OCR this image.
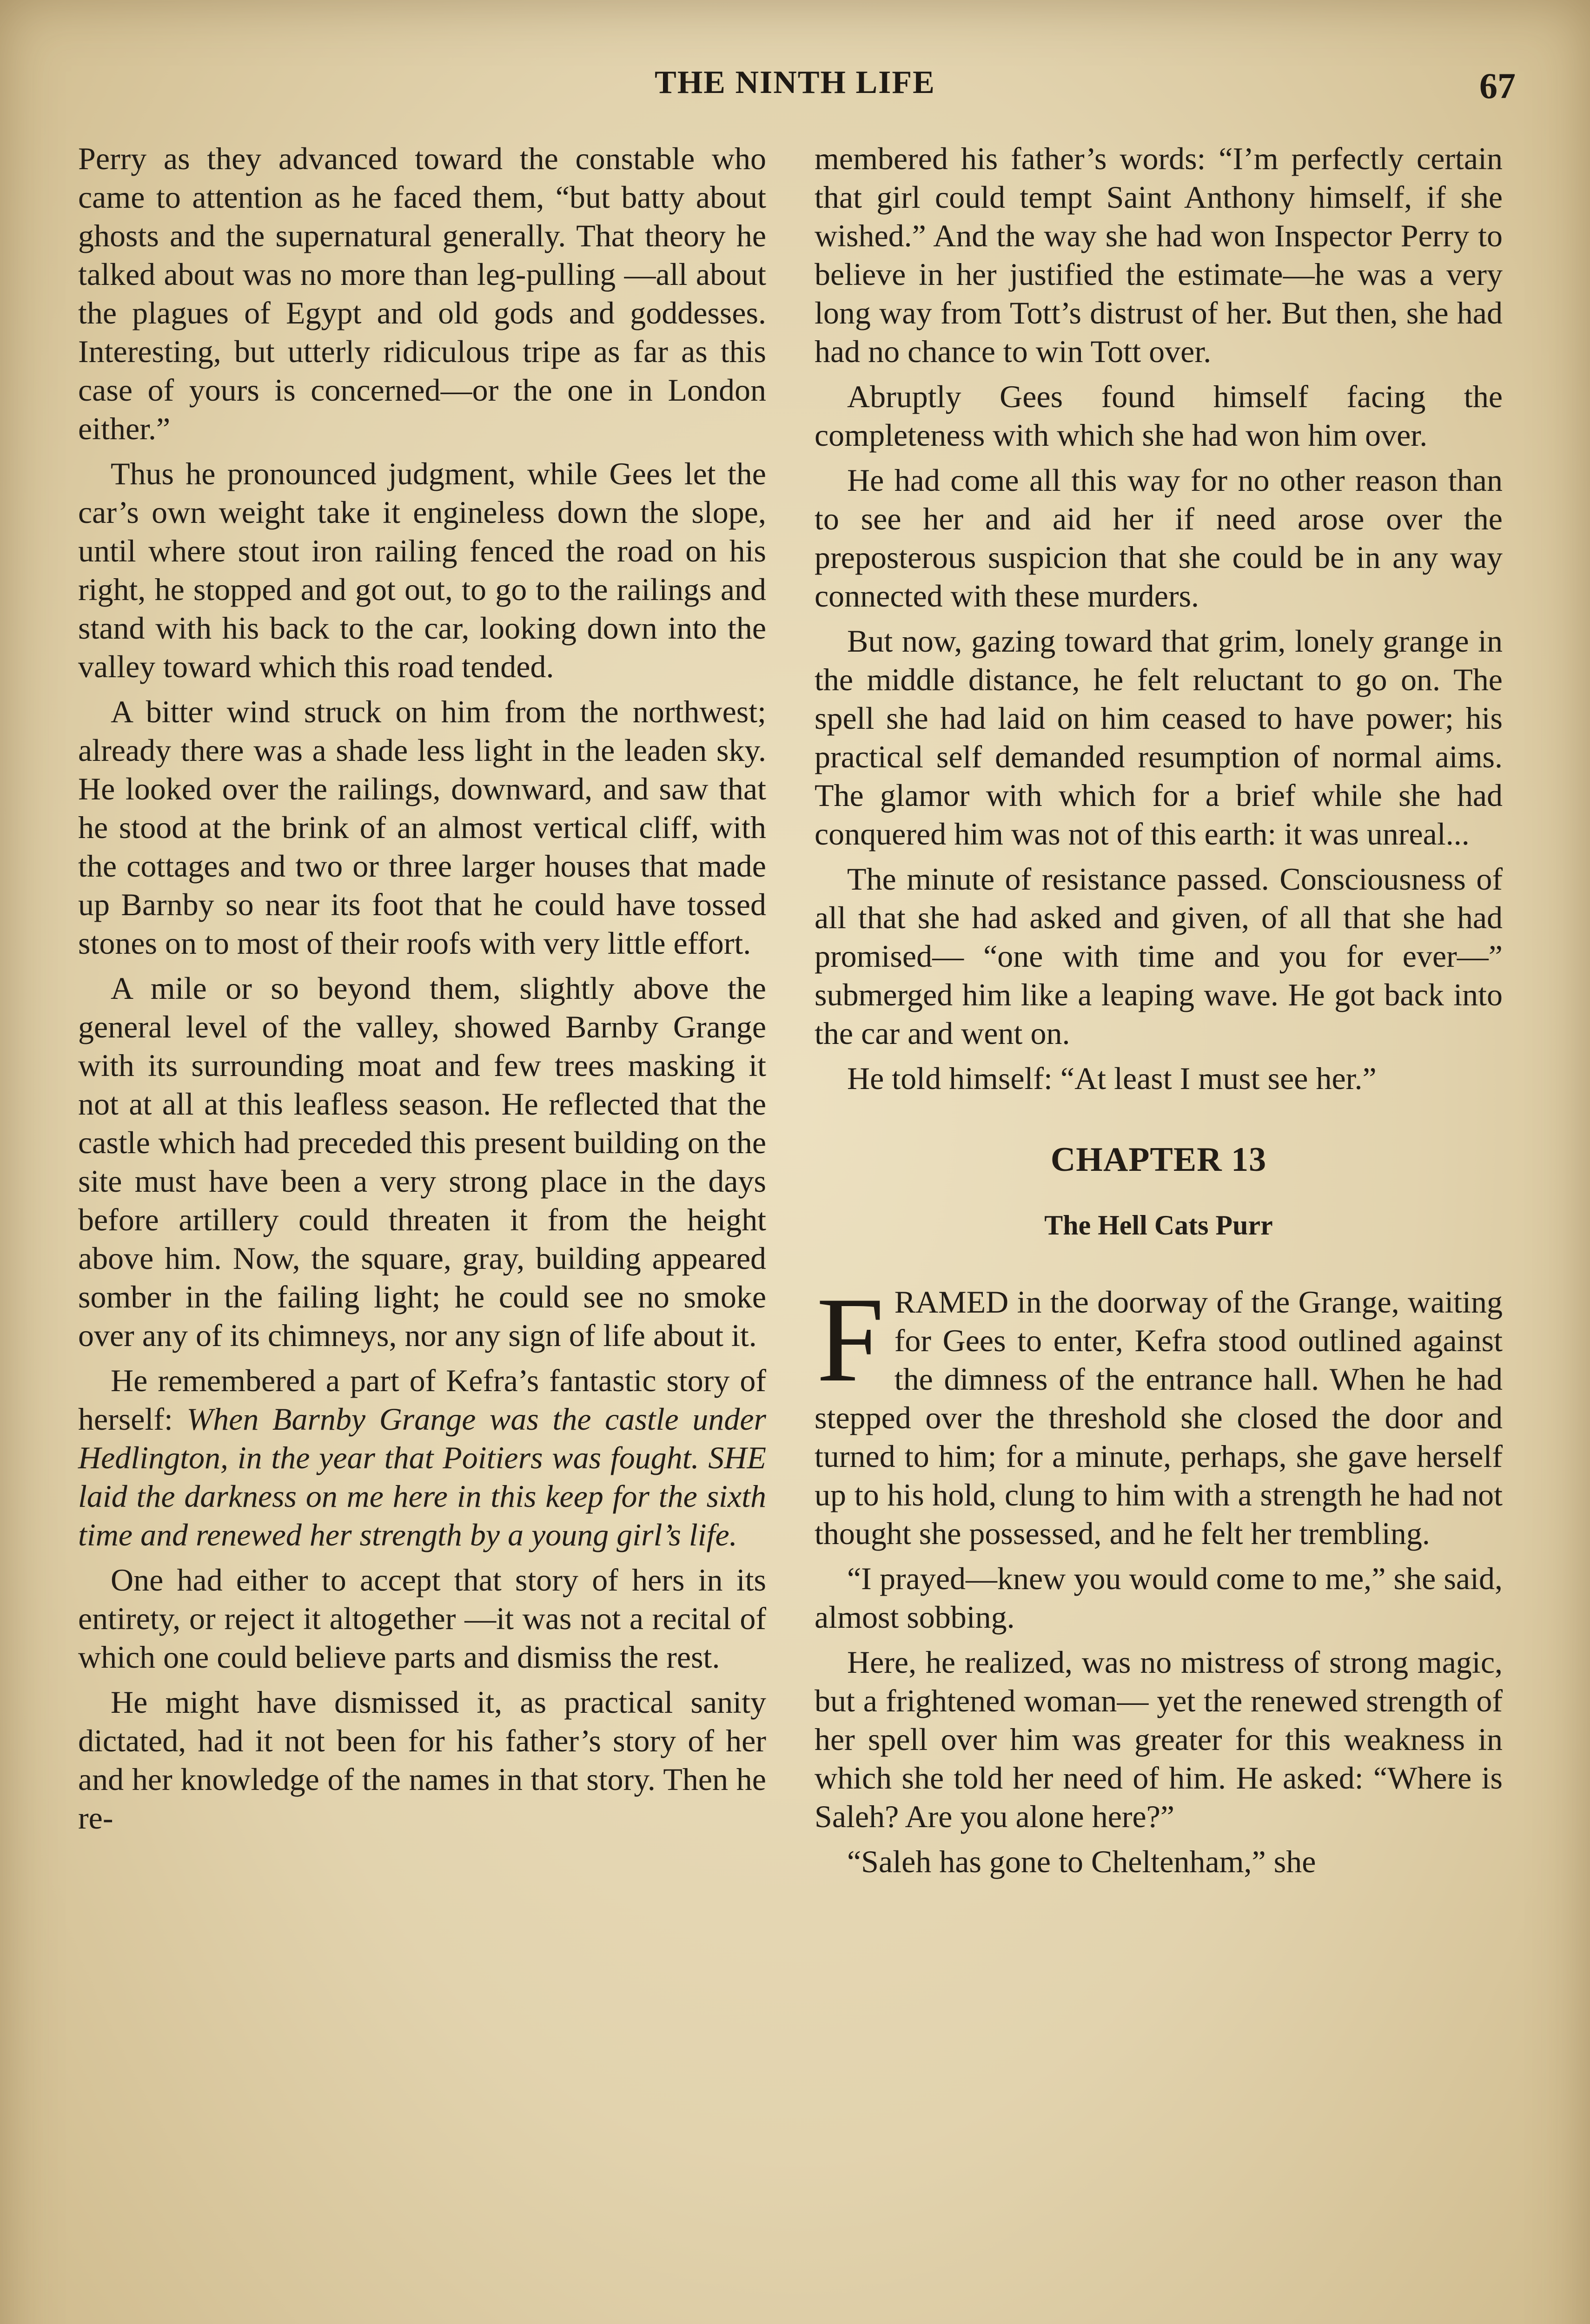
THE NINTH LIFE	67

Perry as they advanced toward the constable who came to attention as he faced them, “but batty about ghosts and the supernatural generally. That theory he talked about was no more than leg-pulling —all about the plagues of Egypt and old gods and goddesses. Interesting, but utterly ridiculous tripe as far as this case of yours is concerned—or the one in London either.”

Thus he pronounced judgment, while Gees let the car’s own weight take it engineless down the slope, until where stout iron railing fenced the road on his right, he stopped and got out, to go to the railings and stand with his back to the car, looking down into the valley toward which this road tended.

A bitter wind struck on him from the northwest; already there was a shade less light in the leaden sky. He looked over the railings, downward, and saw that he stood at the brink of an almost vertical cliff, with the cottages and two or three larger houses that made up Barnby so near its foot that he could have tossed stones on to most of their roofs with very little effort.

A mile or so beyond them, slightly above the general level of the valley, showed Barnby Grange with its surrounding moat and few trees masking it not at all at this leafless season. He reflected that the castle which had preceded this present building on the site must have been a very strong place in the days before artillery could threaten it from the height above him. Now, the square, gray, building appeared somber in the failing light; he could see no smoke over any of its chimneys, nor any sign of life about it.

He remembered a part of Kefra’s fantastic story of herself: When Barnby Grange was the castle under Hedlington, in the year that Poitiers was fought. SHE laid the darkness on me here in this keep for the sixth time and renewed her strength by a young girl’s life.

One had either to accept that story of hers in its entirety, or reject it altogether —it was not a recital of which one could believe parts and dismiss the rest.

He might have dismissed it, as practical sanity dictated, had it not been for his father’s story of her and her knowledge of the names in that story. Then he re-

membered his father’s words: “I’m perfectly certain that girl could tempt Saint Anthony himself, if she wished.” And the way she had won Inspector Perry to believe in her justified the estimate—he was a very long way from Tott’s distrust of her. But then, she had had no chance to win Tott over.

Abruptly Gees found himself facing the completeness with which she had won him over.

He had come all this way for no other reason than to see her and aid her if need arose over the preposterous suspicion that she could be in any way connected with these murders.

But now, gazing toward that grim, lonely grange in the middle distance, he felt reluctant to go on. The spell she had laid on him ceased to have power; his practical self demanded resumption of normal aims. The glamor with which for a brief while she had conquered him was not of this earth: it was unreal...

The minute of resistance passed. Consciousness of all that she had asked and given, of all that she had promised— “one with time and you for ever—” submerged him like a leaping wave. He got back into the car and went on.

He told himself: “At least I must see her.”

CHAPTER 13
The Hell Cats Purr

FRAMED in the doorway of the Grange, waiting for Gees to enter, Kefra stood outlined against the dimness of the entrance hall. When he had stepped over the threshold she closed the door and turned to him; for a minute, perhaps, she gave herself up to his hold, clung to him with a strength he had not thought she possessed, and he felt her trembling.

“I prayed—knew you would come to me,” she said, almost sobbing.

Here, he realized, was no mistress of strong magic, but a frightened woman— yet the renewed strength of her spell over him was greater for this weakness in which she told her need of him. He asked: “Where is Saleh? Are you alone here?”

“Saleh has gone to Cheltenham,” she
